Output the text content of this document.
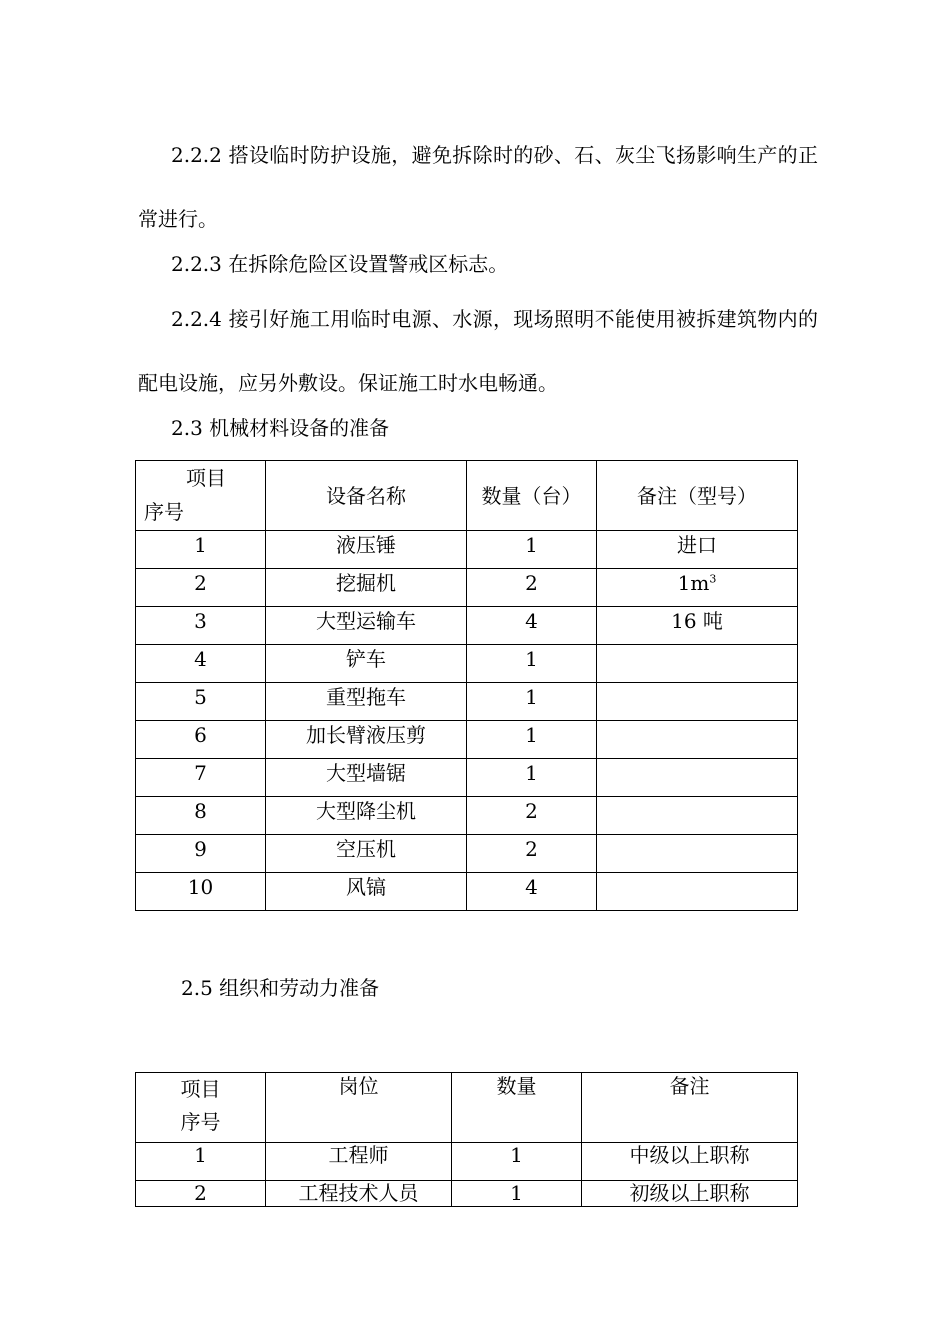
2.2.2 搭设临时防护设施，避免拆除时的砂、石、灰尘飞扬影响生产的正常进行。

2.2.3 在拆除危险区设置警戒区标志。

2.2.4 接引好施工用临时电源、水源，现场照明不能使用被拆建筑物内的配电设施，应另外敷设。保证施工时水电畅通。

2.3 机械材料设备的准备

项目
序号	设备名称	数量（台）	备注（型号）
1	液压锤	1	进口
2	挖掘机	2	$1m^3$
3	大型运输车	4	16 吨
4	铲车	1	
5	重型拖车	1	
6	加长臂液压剪	1	
7	大型墙锯	1	
8	大型降尘机	2	
9	空压机	2	
10	风镐	4	

2.5 组织和劳动力准备

项目
序号	岗位	数量	备注
1	工程师	1	中级以上职称
2	工程技术人员	1	初级以上职称
